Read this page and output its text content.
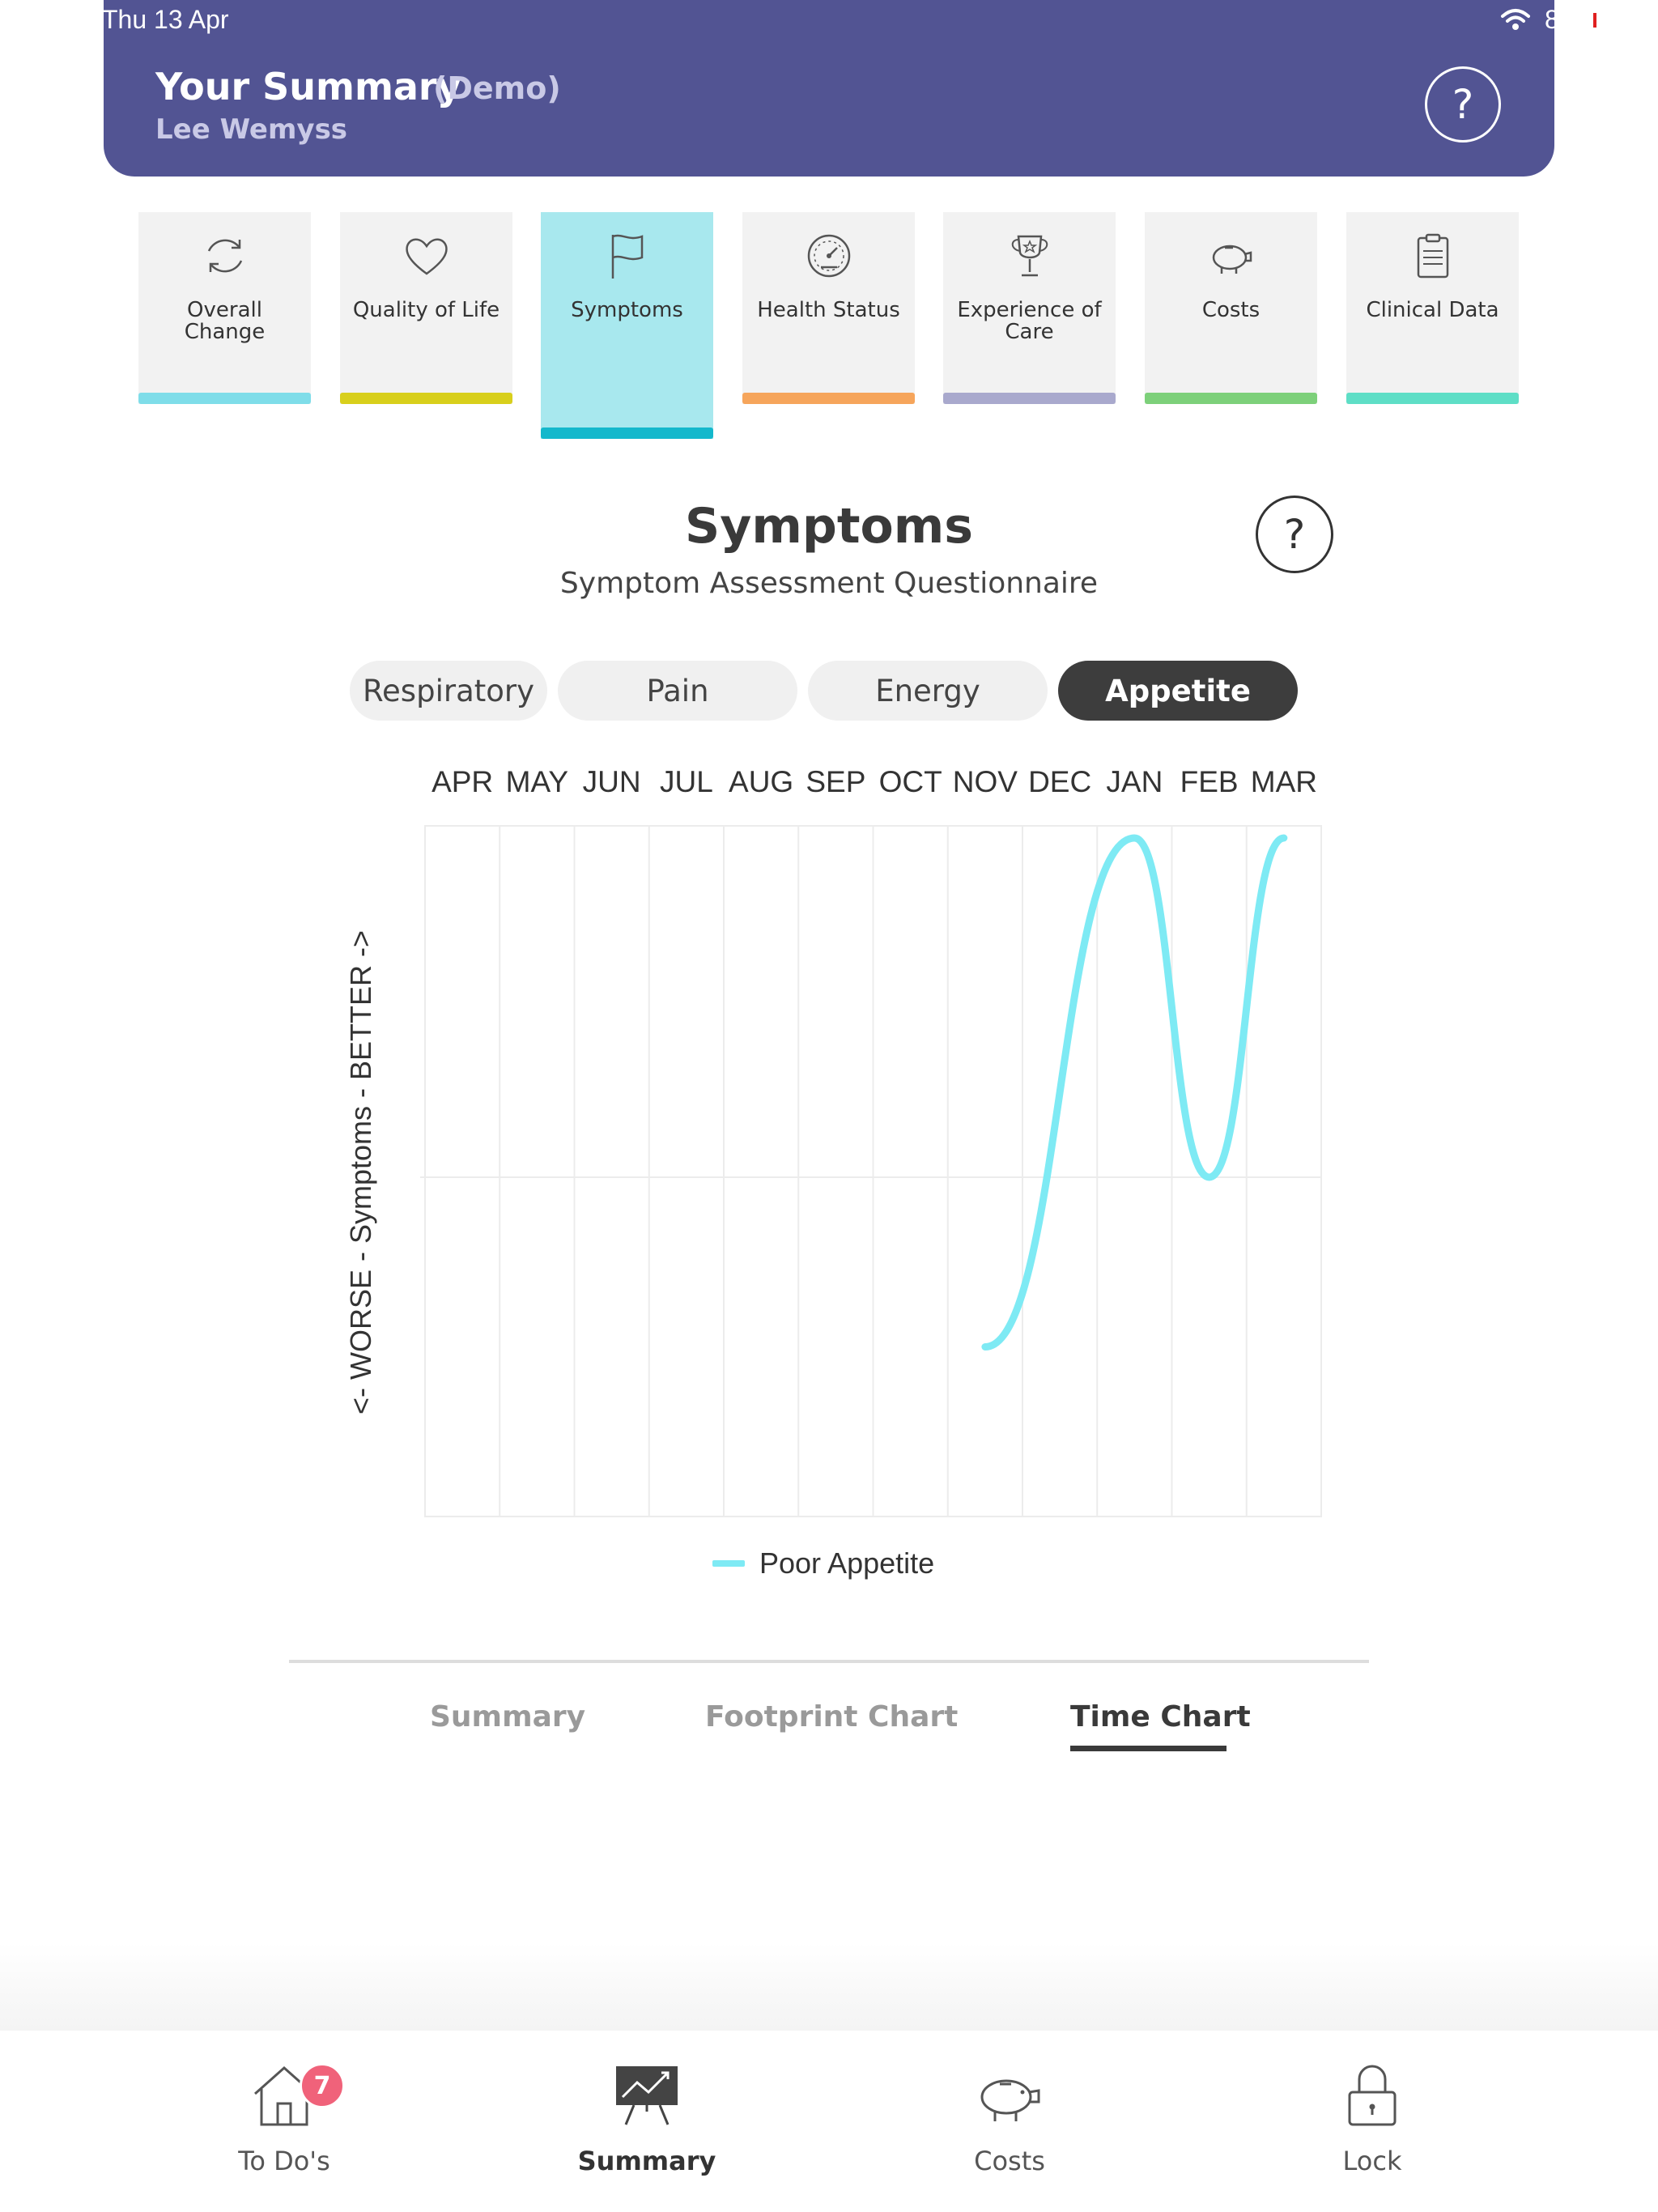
Thu 13 Apr	8
Your Summary
(Demo)
Lee Wemyss
?
Overall Change
Quality of Life	Symptoms	Health Status	Experience of Care
Costs	Clinical Data
Symptoms
Symptom Assessment Questionnaire
?
Respiratory	Pain	Energy	Appetite
APR MAY JUN JUL AUG SEP OCT NOV DEC JAN FEB MAR
<- WORSE - Symptoms - BETTER ->
Poor Appetite
Summary	Footprint Chart	Time Chart
To Do's
7
Summary	Costs	Lock
